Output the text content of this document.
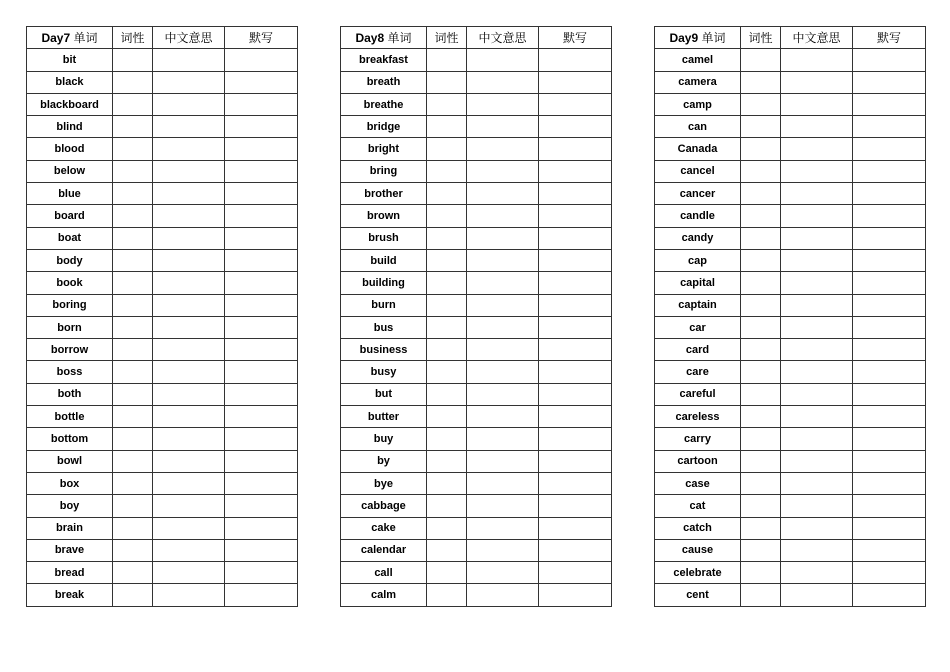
Day7 单词	词性	中文意思	默写
bit			
black			
blackboard			
blind			
blood			
below			
blue			
board			
boat			
body			
book			
boring			
born			
borrow			
boss			
both			
bottle			
bottom			
bowl			
box			
boy			
brain			
brave			
bread			
break			
Day8 单词	词性	中文意思	默写
breakfast			
breath			
breathe			
bridge			
bright			
bring			
brother			
brown			
brush			
build			
building			
burn			
bus			
business			
busy			
but			
butter			
buy			
by			
bye			
cabbage			
cake			
calendar			
call			
calm			
Day9 单词	词性	中文意思	默写
camel			
camera			
camp			
can			
Canada			
cancel			
cancer			
candle			
candy			
cap			
capital			
captain			
car			
card			
care			
careful			
careless			
carry			
cartoon			
case			
cat			
catch			
cause			
celebrate			
cent			
